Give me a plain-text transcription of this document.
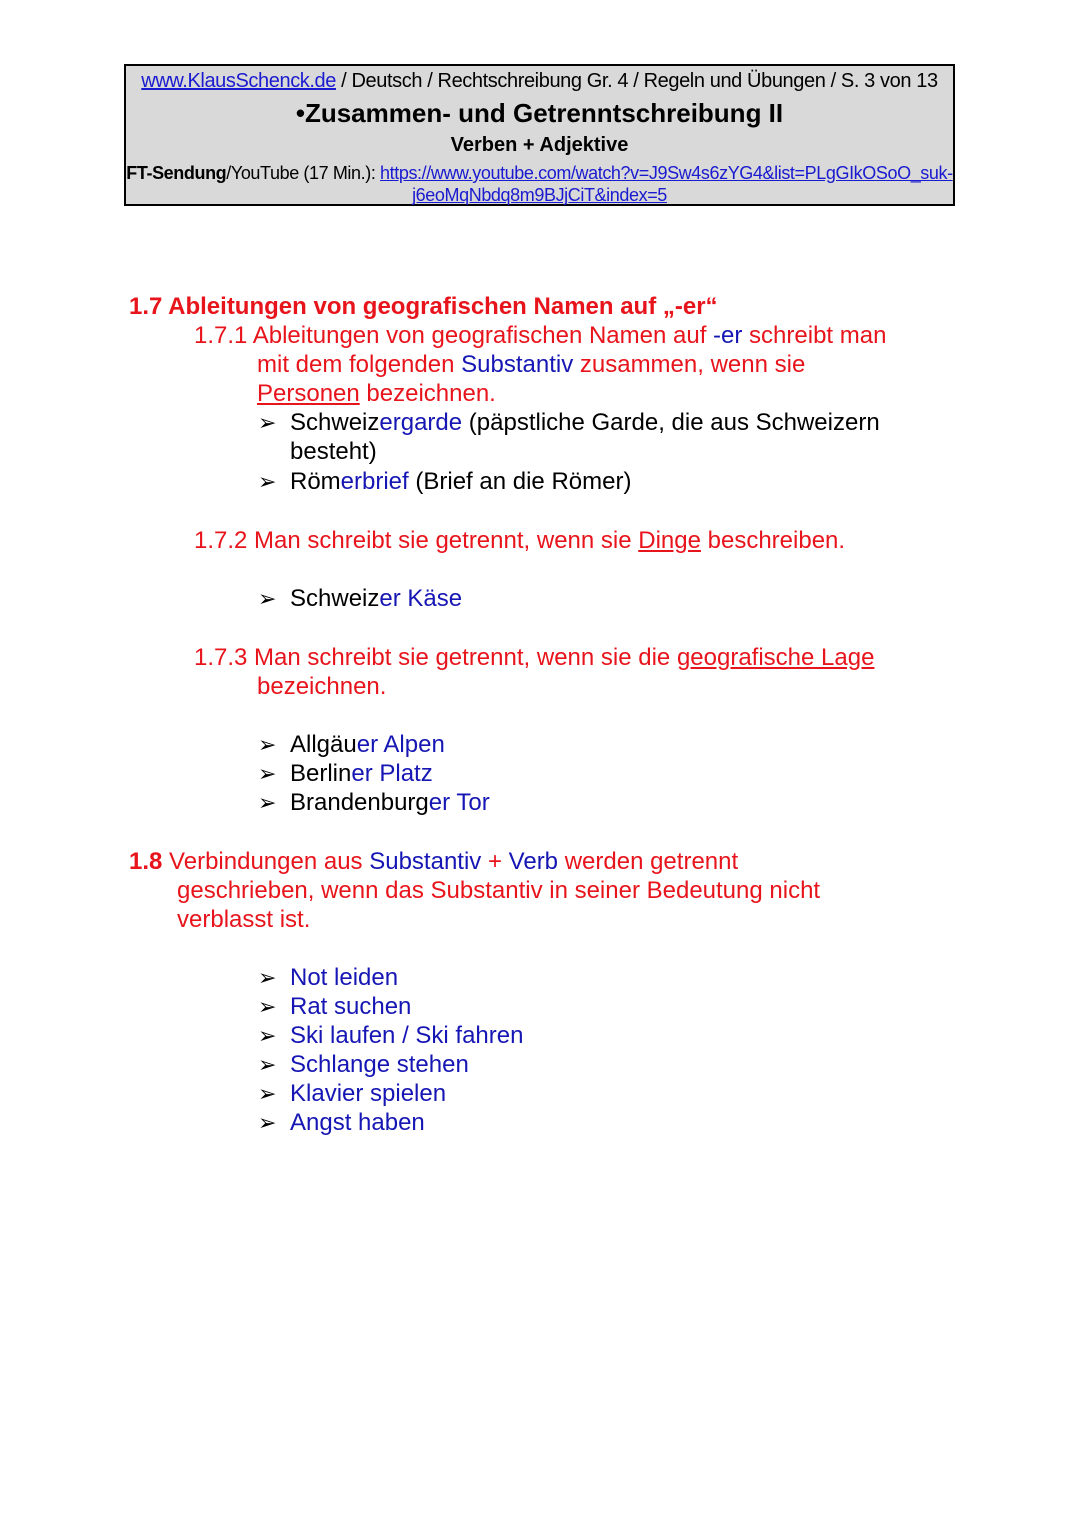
www.KlausSchenck.de / Deutsch / Rechtschreibung Gr. 4 / Regeln und Übungen / S. 3 von 13
•Zusammen- und Getrenntschreibung II
Verben + Adjektive
FT-Sendung/YouTube (17 Min.): https://www.youtube.com/watch?v=J9Sw4s6zYG4&list=PLgGIkOSoO_suk-
j6eoMqNbdq8m9BJjCiT&index=5
1.7 Ableitungen von geografischen Namen auf „-er“
1.7.1 Ableitungen von geografischen Namen auf -er schreibt man
mit dem folgenden Substantiv zusammen, wenn sie
Personen bezeichnen.
➢ Schweizergarde (päpstliche Garde, die aus Schweizern
besteht)
➢ Römerbrief (Brief an die Römer)
1.7.2 Man schreibt sie getrennt, wenn sie Dinge beschreiben.
➢ Schweizer Käse
1.7.3 Man schreibt sie getrennt, wenn sie die geografische Lage
bezeichnen.
➢ Allgäuer Alpen
➢ Berliner Platz
➢ Brandenburger Tor
1.8 Verbindungen aus Substantiv + Verb werden getrennt
geschrieben, wenn das Substantiv in seiner Bedeutung nicht
verblasst ist.
➢ Not leiden
➢ Rat suchen
➢ Ski laufen / Ski fahren
➢ Schlange stehen
➢ Klavier spielen
➢ Angst haben
